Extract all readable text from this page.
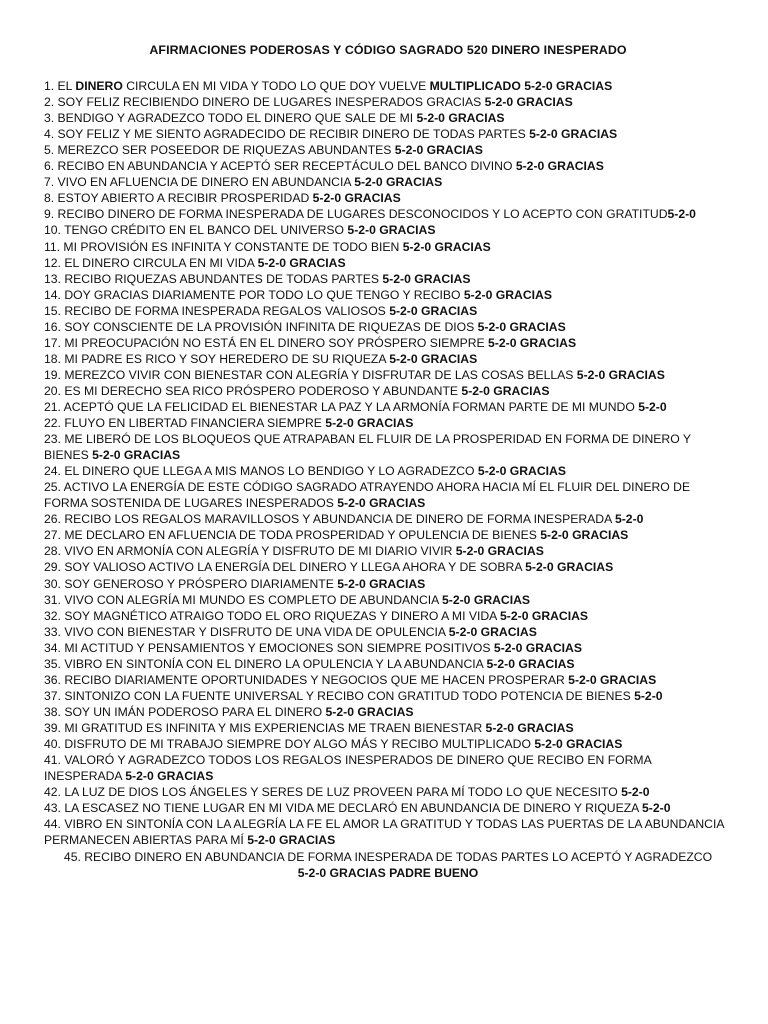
AFIRMACIONES PODEROSAS Y CÓDIGO SAGRADO 520 DINERO INESPERADO
1. EL DINERO CIRCULA EN MI VIDA Y TODO LO QUE DOY VUELVE MULTIPLICADO 5-2-0 GRACIAS
2. SOY FELIZ RECIBIENDO DINERO DE LUGARES INESPERADOS GRACIAS 5-2-0 GRACIAS
3. BENDIGO Y AGRADEZCO TODO EL DINERO QUE SALE DE MI 5-2-0 GRACIAS
4. SOY FELIZ Y ME SIENTO AGRADECIDO DE RECIBIR DINERO DE TODAS PARTES 5-2-0 GRACIAS
5. MEREZCO SER POSEEDOR DE RIQUEZAS ABUNDANTES 5-2-0 GRACIAS
6. RECIBO EN ABUNDANCIA Y ACEPTÓ SER RECEPTÁCULO DEL BANCO DIVINO 5-2-0 GRACIAS
7. VIVO EN AFLUENCIA DE DINERO EN ABUNDANCIA 5-2-0 GRACIAS
8. ESTOY ABIERTO A RECIBIR PROSPERIDAD 5-2-0 GRACIAS
9. RECIBO DINERO DE FORMA INESPERADA DE LUGARES DESCONOCIDOS Y LO ACEPTO CON GRATITUD5-2-0
10. TENGO CRÉDITO EN EL BANCO DEL UNIVERSO 5-2-0 GRACIAS
11. MI PROVISIÓN ES INFINITA Y CONSTANTE DE TODO BIEN 5-2-0 GRACIAS
12. EL DINERO CIRCULA EN MI VIDA 5-2-0 GRACIAS
13. RECIBO RIQUEZAS ABUNDANTES DE TODAS PARTES 5-2-0 GRACIAS
14. DOY GRACIAS DIARIAMENTE POR TODO LO QUE TENGO Y RECIBO 5-2-0 GRACIAS
15. RECIBO DE FORMA INESPERADA REGALOS VALIOSOS 5-2-0 GRACIAS
16. SOY CONSCIENTE DE LA PROVISIÓN INFINITA DE RIQUEZAS DE DIOS 5-2-0 GRACIAS
17. MI PREOCUPACIÓN NO ESTÁ EN EL DINERO SOY PRÓSPERO SIEMPRE 5-2-0 GRACIAS
18. MI PADRE ES RICO Y SOY HEREDERO DE SU RIQUEZA 5-2-0 GRACIAS
19. MEREZCO VIVIR CON BIENESTAR CON ALEGRÍA Y DISFRUTAR DE LAS COSAS BELLAS 5-2-0 GRACIAS
20. ES MI DERECHO SEA RICO PRÓSPERO PODEROSO Y ABUNDANTE 5-2-0 GRACIAS
21. ACEPTÓ QUE LA FELICIDAD EL BIENESTAR LA PAZ Y LA ARMONÍA FORMAN PARTE DE MI MUNDO 5-2-0
22. FLUYO EN LIBERTAD FINANCIERA SIEMPRE 5-2-0 GRACIAS
23. ME LIBERÓ DE LOS BLOQUEOS QUE ATRAPABAN EL FLUIR DE LA PROSPERIDAD EN FORMA DE DINERO Y BIENES 5-2-0 GRACIAS
24. EL DINERO QUE LLEGA A MIS MANOS LO BENDIGO Y LO AGRADEZCO 5-2-0 GRACIAS
25. ACTIVO LA ENERGÍA DE ESTE CÓDIGO SAGRADO ATRAYENDO AHORA HACIA MÍ EL FLUIR DEL DINERO DE FORMA SOSTENIDA DE LUGARES INESPERADOS 5-2-0 GRACIAS
26. RECIBO LOS REGALOS MARAVILLOSOS Y ABUNDANCIA DE DINERO DE FORMA INESPERADA 5-2-0
27. ME DECLARO EN AFLUENCIA DE TODA PROSPERIDAD Y OPULENCIA DE BIENES 5-2-0 GRACIAS
28. VIVO EN ARMONÍA CON ALEGRÍA Y DISFRUTO DE MI DIARIO VIVIR 5-2-0 GRACIAS
29. SOY VALIOSO ACTIVO LA ENERGÍA DEL DINERO Y LLEGA AHORA Y DE SOBRA 5-2-0 GRACIAS
30. SOY GENEROSO Y PRÓSPERO DIARIAMENTE 5-2-0 GRACIAS
31. VIVO CON ALEGRÍA MI MUNDO ES COMPLETO DE ABUNDANCIA 5-2-0 GRACIAS
32. SOY MAGNÉTICO ATRAIGO TODO EL ORO RIQUEZAS Y DINERO A MI VIDA 5-2-0 GRACIAS
33. VIVO CON BIENESTAR Y DISFRUTO DE UNA VIDA DE OPULENCIA 5-2-0 GRACIAS
34. MI ACTITUD Y PENSAMIENTOS Y EMOCIONES SON SIEMPRE POSITIVOS 5-2-0 GRACIAS
35. VIBRO EN SINTONÍA CON EL DINERO LA OPULENCIA Y LA ABUNDANCIA 5-2-0 GRACIAS
36. RECIBO DIARIAMENTE OPORTUNIDADES Y NEGOCIOS QUE ME HACEN PROSPERAR 5-2-0 GRACIAS
37. SINTONIZO CON LA FUENTE UNIVERSAL Y RECIBO CON GRATITUD TODO POTENCIA DE BIENES 5-2-0
38. SOY UN IMÁN PODEROSO PARA EL DINERO 5-2-0 GRACIAS
39. MI GRATITUD ES INFINITA Y MIS EXPERIENCIAS ME TRAEN BIENESTAR 5-2-0 GRACIAS
40. DISFRUTO DE MI TRABAJO SIEMPRE DOY ALGO MÁS Y RECIBO MULTIPLICADO 5-2-0 GRACIAS
41. VALORÓ Y AGRADEZCO TODOS LOS REGALOS INESPERADOS DE DINERO QUE RECIBO EN FORMA INESPERADA 5-2-0 GRACIAS
42. LA LUZ DE DIOS LOS ÁNGELES Y SERES DE LUZ PROVEEN PARA MÍ TODO LO QUE NECESITO 5-2-0
43. LA ESCASEZ NO TIENE LUGAR EN MI VIDA ME DECLARÓ EN ABUNDANCIA DE DINERO Y RIQUEZA 5-2-0
44. VIBRO EN SINTONÍA CON LA ALEGRÍA LA FE EL AMOR LA GRATITUD Y TODAS LAS PUERTAS DE LA ABUNDANCIA PERMANECEN ABIERTAS PARA MÍ 5-2-0 GRACIAS
45. RECIBO DINERO EN ABUNDANCIA DE FORMA INESPERADA DE TODAS PARTES LO ACEPTÓ Y AGRADEZCO
5-2-0 GRACIAS PADRE BUENO
